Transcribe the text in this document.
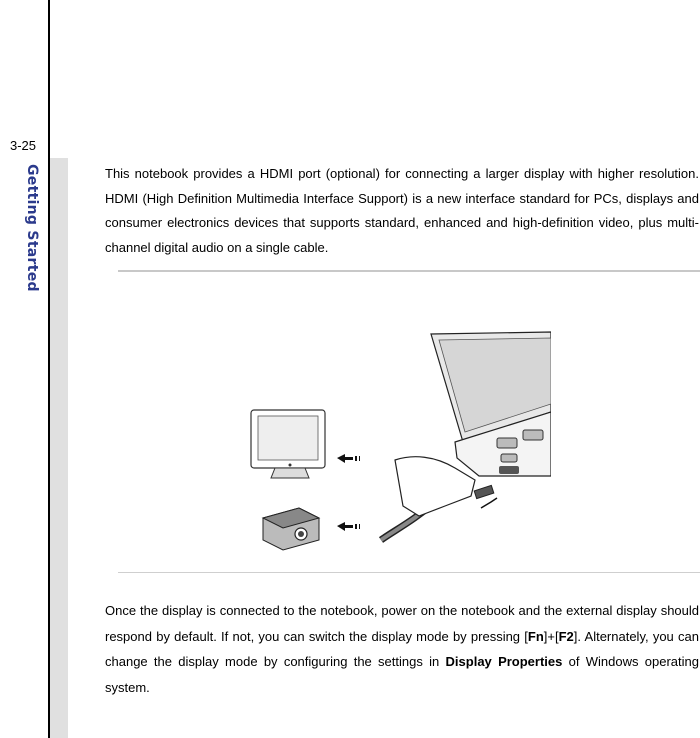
3-25
Getting Started	This notebook provides a HDMI port (optional) for connecting a larger display with higher resolution. HDMI (High Definition Multimedia Interface Support) is a new interface standard for PCs, displays and consumer electronics devices that supports standard, enhanced and high-definition video, plus multi-channel digital audio on a single cable.
Once the display is connected to the notebook, power on the notebook and the external display should respond by default. If not, you can switch the display mode by pressing [Fn]+[F2]. Alternately, you can change the display mode by configuring the settings in Display Properties of Windows operating system.
